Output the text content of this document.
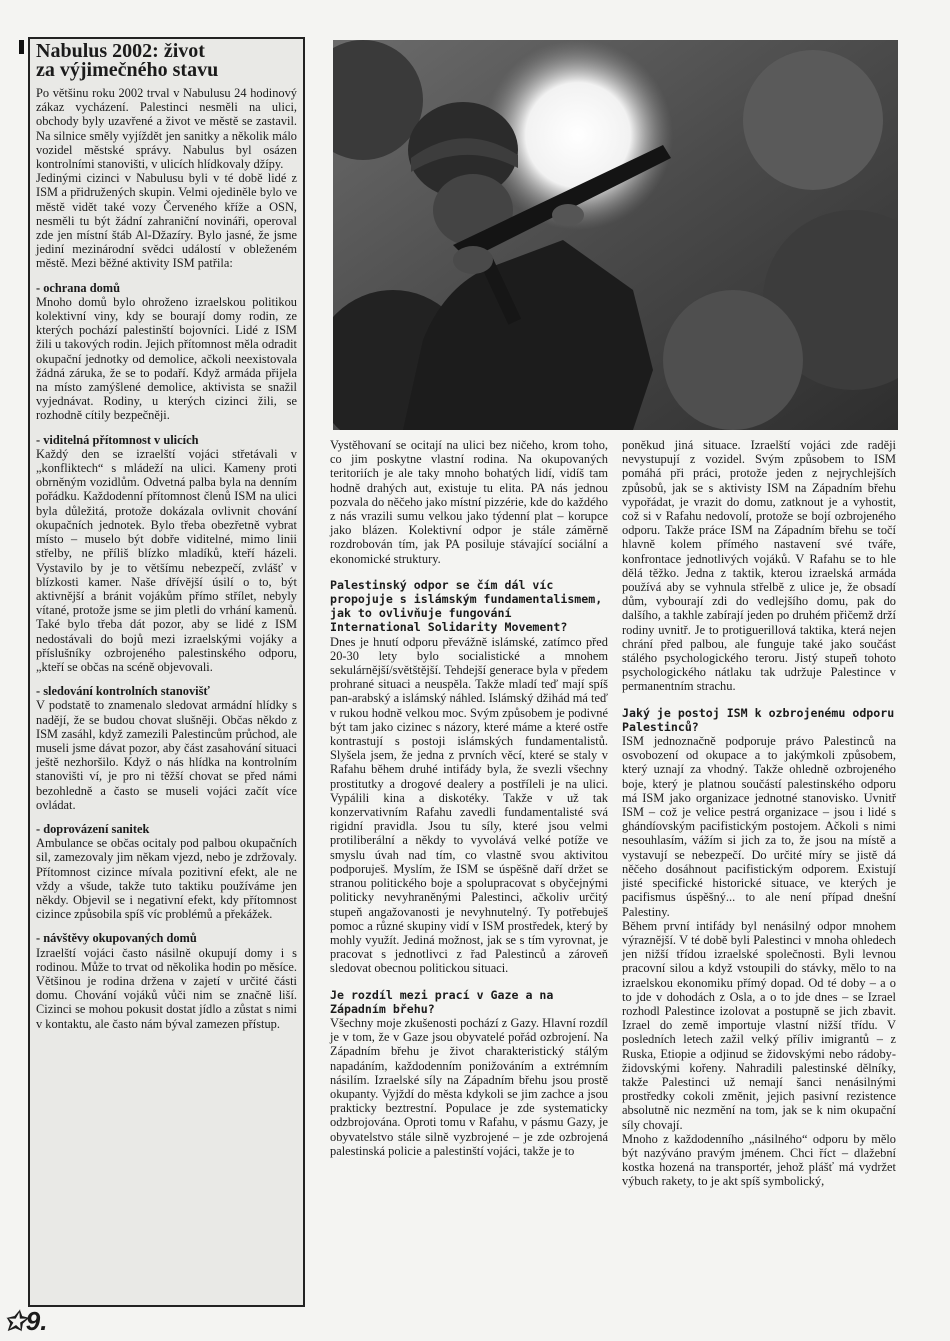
Nabulus 2002: život
za výjimečného stavu

Po většinu roku 2002 trval v Nabulusu 24 hodinový zákaz vycházení. Palestinci nesměli na ulici, obchody byly uzavřené a život ve městě se zastavil. Na silnice směly vyjíždět jen sanitky a několik málo vozidel městské správy. Nabulus byl osázen kontrolními stanovišti, v ulicích hlídkovaly džípy.

Jedinými cizinci v Nabulusu byli v té době lidé z ISM a přidružených skupin. Velmi ojediněle bylo ve městě vidět také vozy Červeného kříže a OSN, nesměli tu být žádní zahraniční novináři, operoval zde jen místní štáb Al-Džazíry. Bylo jasné, že jsme jediní mezinárodní svědci událostí v obleženém městě. Mezi běžné aktivity ISM patřila:

- ochrana domů

Mnoho domů bylo ohroženo izraelskou politikou kolektivní viny, kdy se bourají domy rodin, ze kterých pochází palestinští bojovníci. Lidé z ISM žili u takových rodin. Jejich přítomnost měla odradit okupační jednotky od demolice, ačkoli neexistovala žádná záruka, že se to podaří. Když armáda přijela na místo zamýšlené demolice, aktivista se snažil vyjednávat. Rodiny, u kterých cizinci žili, se rozhodně cítily bezpečněji.

- viditelná přítomnost v ulicích

Každý den se izraelští vojáci střetávali v „konfliktech“ s mládeží na ulici. Kameny proti obrněným vozidlům. Odvetná palba byla na denním pořádku. Každodenní přítomnost členů ISM na ulici byla důležitá, protože dokázala ovlivnit chování okupačních jednotek. Bylo třeba obezřetně vybrat místo – muselo být dobře viditelné, mimo linii střelby, ne příliš blízko mladíků, kteří házeli. Vystavilo by je to většímu nebezpečí, zvlášť v blízkosti kamer. Naše dřívější úsilí o to, být aktivnější a bránit vojákům přímo střílet, nebyly vítané, protože jsme se jim pletli do vrhání kamenů. Také bylo třeba dát pozor, aby se lidé z ISM nedostávali do bojů mezi izraelskými vojáky a příslušníky ozbrojeného palestinského odporu, „kteří se občas na scéně objevovali.

- sledování kontrolních stanovišť

V podstatě to znamenalo sledovat armádní hlídky s nadějí, že se budou chovat slušněji. Občas někdo z ISM zasáhl, když zamezili Palestincům průchod, ale museli jsme dávat pozor, aby část zasahování situaci ještě nezhoršilo. Když o nás hlídka na kontrolním stanovišti ví, je pro ni těžší chovat se před námi bezohledně a často se museli vojáci začít více ovládat.

- doprovázení sanitek

Ambulance se občas ocitaly pod palbou okupačních sil, zamezovaly jim někam vjezd, nebo je zdržovaly. Přítomnost cizince mívala pozitivní efekt, ale ne vždy a všude, takže tuto taktiku používáme jen někdy. Objevil se i negativní efekt, kdy přítomnost cizince způsobila spíš víc problémů a překážek.

- návštěvy okupovaných domů

Izraelští vojáci často násilně okupují domy i s rodinou. Může to trvat od několika hodin po měsíce. Většinou je rodina držena v zajetí v určité části domu. Chování vojáků vůči nim se značně liší. Cizinci se mohou pokusit dostat jídlo a zůstat s nimi v kontaktu, ale často nám býval zamezen přístup.

Vystěhovaní se ocitají na ulici bez ničeho, krom toho, co jim poskytne vlastní rodina. Na okupovaných teritoriích je ale taky mnoho bohatých lidí, vidíš tam hodně drahých aut, existuje tu elita. PA nás jednou pozvala do něčeho jako místní pizzérie, kde do každého z nás vrazili sumu velkou jako týdenní plat – korupce jako blázen. Kolektivní odpor je stále záměrně rozdrobován tím, jak PA posiluje stávající sociální a ekonomické struktury.

Palestinský odpor se čím dál víc propojuje s islámským fundamentalismem, jak to ovlivňuje fungování International Solidarity Movement?

Dnes je hnutí odporu převážně islámské, zatímco před 20-30 lety bylo socialistické a mnohem sekulárnější/světštější. Tehdejší generace byla v předem prohrané situaci a neuspěla. Takže mladí teď mají spíš pan-arabský a islámský náhled. Islámský džihád má teď v rukou hodně velkou moc. Svým způsobem je podivné být tam jako cizinec s názory, které máme a které ostře kontrastují s postoji islámských fundamentalistů. Slyšela jsem, že jedna z prvních věcí, které se staly v Rafahu během druhé intifády byla, že svezli všechny prostitutky a drogové dealery a postříleli je na ulici. Vypálili kina a diskotéky. Takže v už tak konzervativním Rafahu zavedli fundamentalisté svá rigidní pravidla. Jsou tu síly, které jsou velmi protiliberální a někdy to vyvolává velké potíže ve smyslu úvah nad tím, co vlastně svou aktivitou podporuješ. Myslím, že ISM se úspěšně daří držet se stranou politického boje a spolupracovat s obyčejnými politicky nevyhraněnými Palestinci, ačkoliv určitý stupeň angažovanosti je nevyhnutelný. Ty potřebuješ pomoc a různé skupiny vidí v ISM prostředek, který by mohly využít. Jediná možnost, jak se s tím vyrovnat, je pracovat s jednotlivci z řad Palestinců a zároveň sledovat obecnou politickou situaci.

Je rozdíl mezi prací v Gaze a na Západním břehu?

Všechny moje zkušenosti pochází z Gazy. Hlavní rozdíl je v tom, že v Gaze jsou obyvatelé pořád ozbrojení. Na Západním břehu je život charakteristický stálým napadáním, každodenním ponižováním a extrémním násilím. Izraelské síly na Západním břehu jsou prostě okupanty. Vyjždí do města kdykoli se jim zachce a jsou prakticky beztrestní. Populace je zde systematicky odzbrojována. Oproti tomu v Rafahu, v pásmu Gazy, je obyvatelstvo stále silně vyzbrojené – je zde ozbrojená palestinská policie a palestinští vojáci, takže je to

poněkud jiná situace. Izraelští vojáci zde raději nevystupují z vozidel. Svým způsobem to ISM pomáhá při práci, protože jeden z nejrychlejších způsobů, jak se s aktivisty ISM na Západním břehu vypořádat, je vrazit do domu, zatknout je a vyhostit, což si v Rafahu nedovolí, protože se bojí ozbrojeného odporu. Takže práce ISM na Západním břehu se točí hlavně kolem přímého nastavení své tváře, konfrontace jednotlivých vojáků. V Rafahu se to hle dělá těžko. Jedna z taktik, kterou izraelská armáda používá aby se vyhnula střelbě z ulice je, že obsadí dům, vybourají zdi do vedlejšího domu, pak do dalšího, a takhle zabírají jeden po druhém přičemž drží rodiny uvnitř. Je to protiguerillová taktika, která nejen chrání před palbou, ale funguje také jako součást stálého psychologického teroru. Jistý stupeň tohoto psychologického nátlaku tak udržuje Palestince v permanentním strachu.

Jaký je postoj ISM k ozbrojenému odporu Palestinců?

ISM jednoznačně podporuje právo Palestinců na osvobození od okupace a to jakýmkoli způsobem, který uznají za vhodný. Takže ohledně ozbrojeného boje, který je platnou součástí palestinského odporu má ISM jako organizace jednotné stanovisko. Uvnitř ISM – což je velice pestrá organizace – jsou i lidé s ghándíovským pacifistickým postojem. Ačkoli s nimi nesouhlasím, vážím si jich za to, že jsou na místě a vystavují se nebezpečí. Do určité míry se jistě dá něčeho dosáhnout pacifistickým odporem. Existují jisté specifické historické situace, ve kterých je pacifismus úspěšný... to ale není případ dnešní Palestiny.

Během první intifády byl nenásilný odpor mnohem výraznější. V té době byli Palestinci v mnoha ohledech jen nižší třídou izraelské společnosti. Byli levnou pracovní silou a když vstoupili do stávky, mělo to na izraelskou ekonomiku přímý dopad. Od té doby – a o to jde v dohodách z Osla, a o to jde dnes – se Izrael rozhodl Palestince izolovat a postupně se jich zbavit. Izrael do země importuje vlastní nižší třídu. V posledních letech zažil velký příliv imigrantů – z Ruska, Etiopie a odjinud se židovskými nebo rádoby-židovskými kořeny. Nahradili palestinské dělníky, takže Palestinci už nemají šanci nenásilnými prostředky cokoli změnit, jejich pasivní rezistence absolutně nic nezmění na tom, jak se k nim okupační síly chovají.

Mnoho z každodenního „násilného“ odporu by mělo být nazýváno pravým jménem. Chci říct – dlažební kostka hozená na transportér, jehož plášť má vydržet výbuch rakety, to je akt spíš symbolický,

✩9.
